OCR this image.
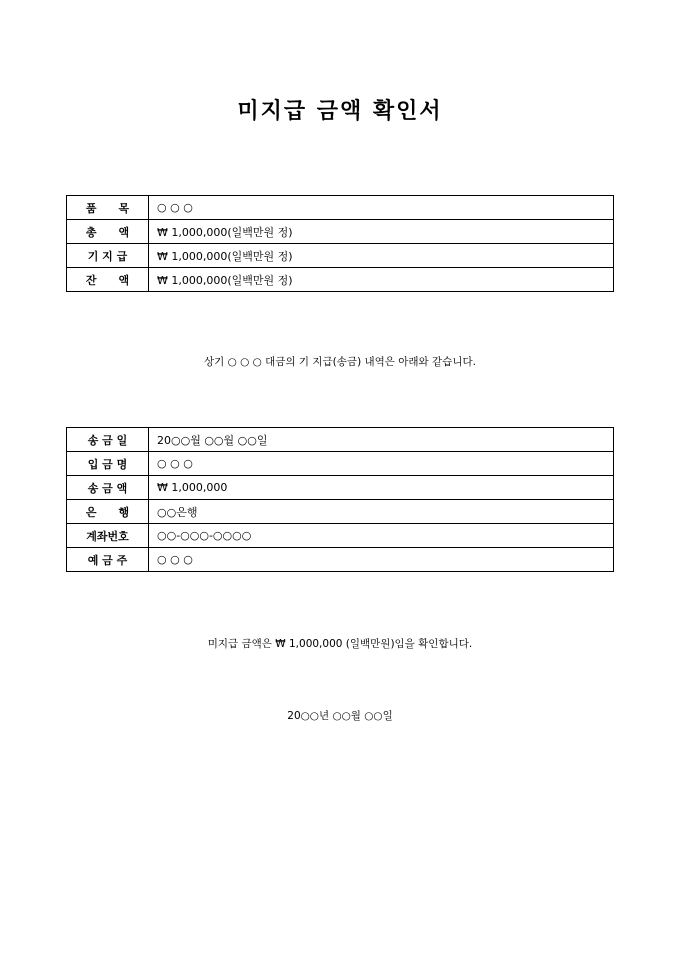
미지급 금액 확인서
품　　목	○ ○ ○
총　　액	₩ 1,000,000(일백만원 정)
기 지 급	₩ 1,000,000(일백만원 정)
잔　　액	₩ 1,000,000(일백만원 정)
상기 ○ ○ ○ 대금의 기 지급(송금) 내역은 아래와 같습니다.
송 금 일	20○○월 ○○월 ○○일
입 금 명	○ ○ ○
송 금 액	₩ 1,000,000
은　　행	○○은행
계좌번호	○○-○○○-○○○○
예 금 주	○ ○ ○
미지급 금액은 ₩ 1,000,000 (일백만원)임을 확인합니다.
20○○년 ○○월 ○○일
